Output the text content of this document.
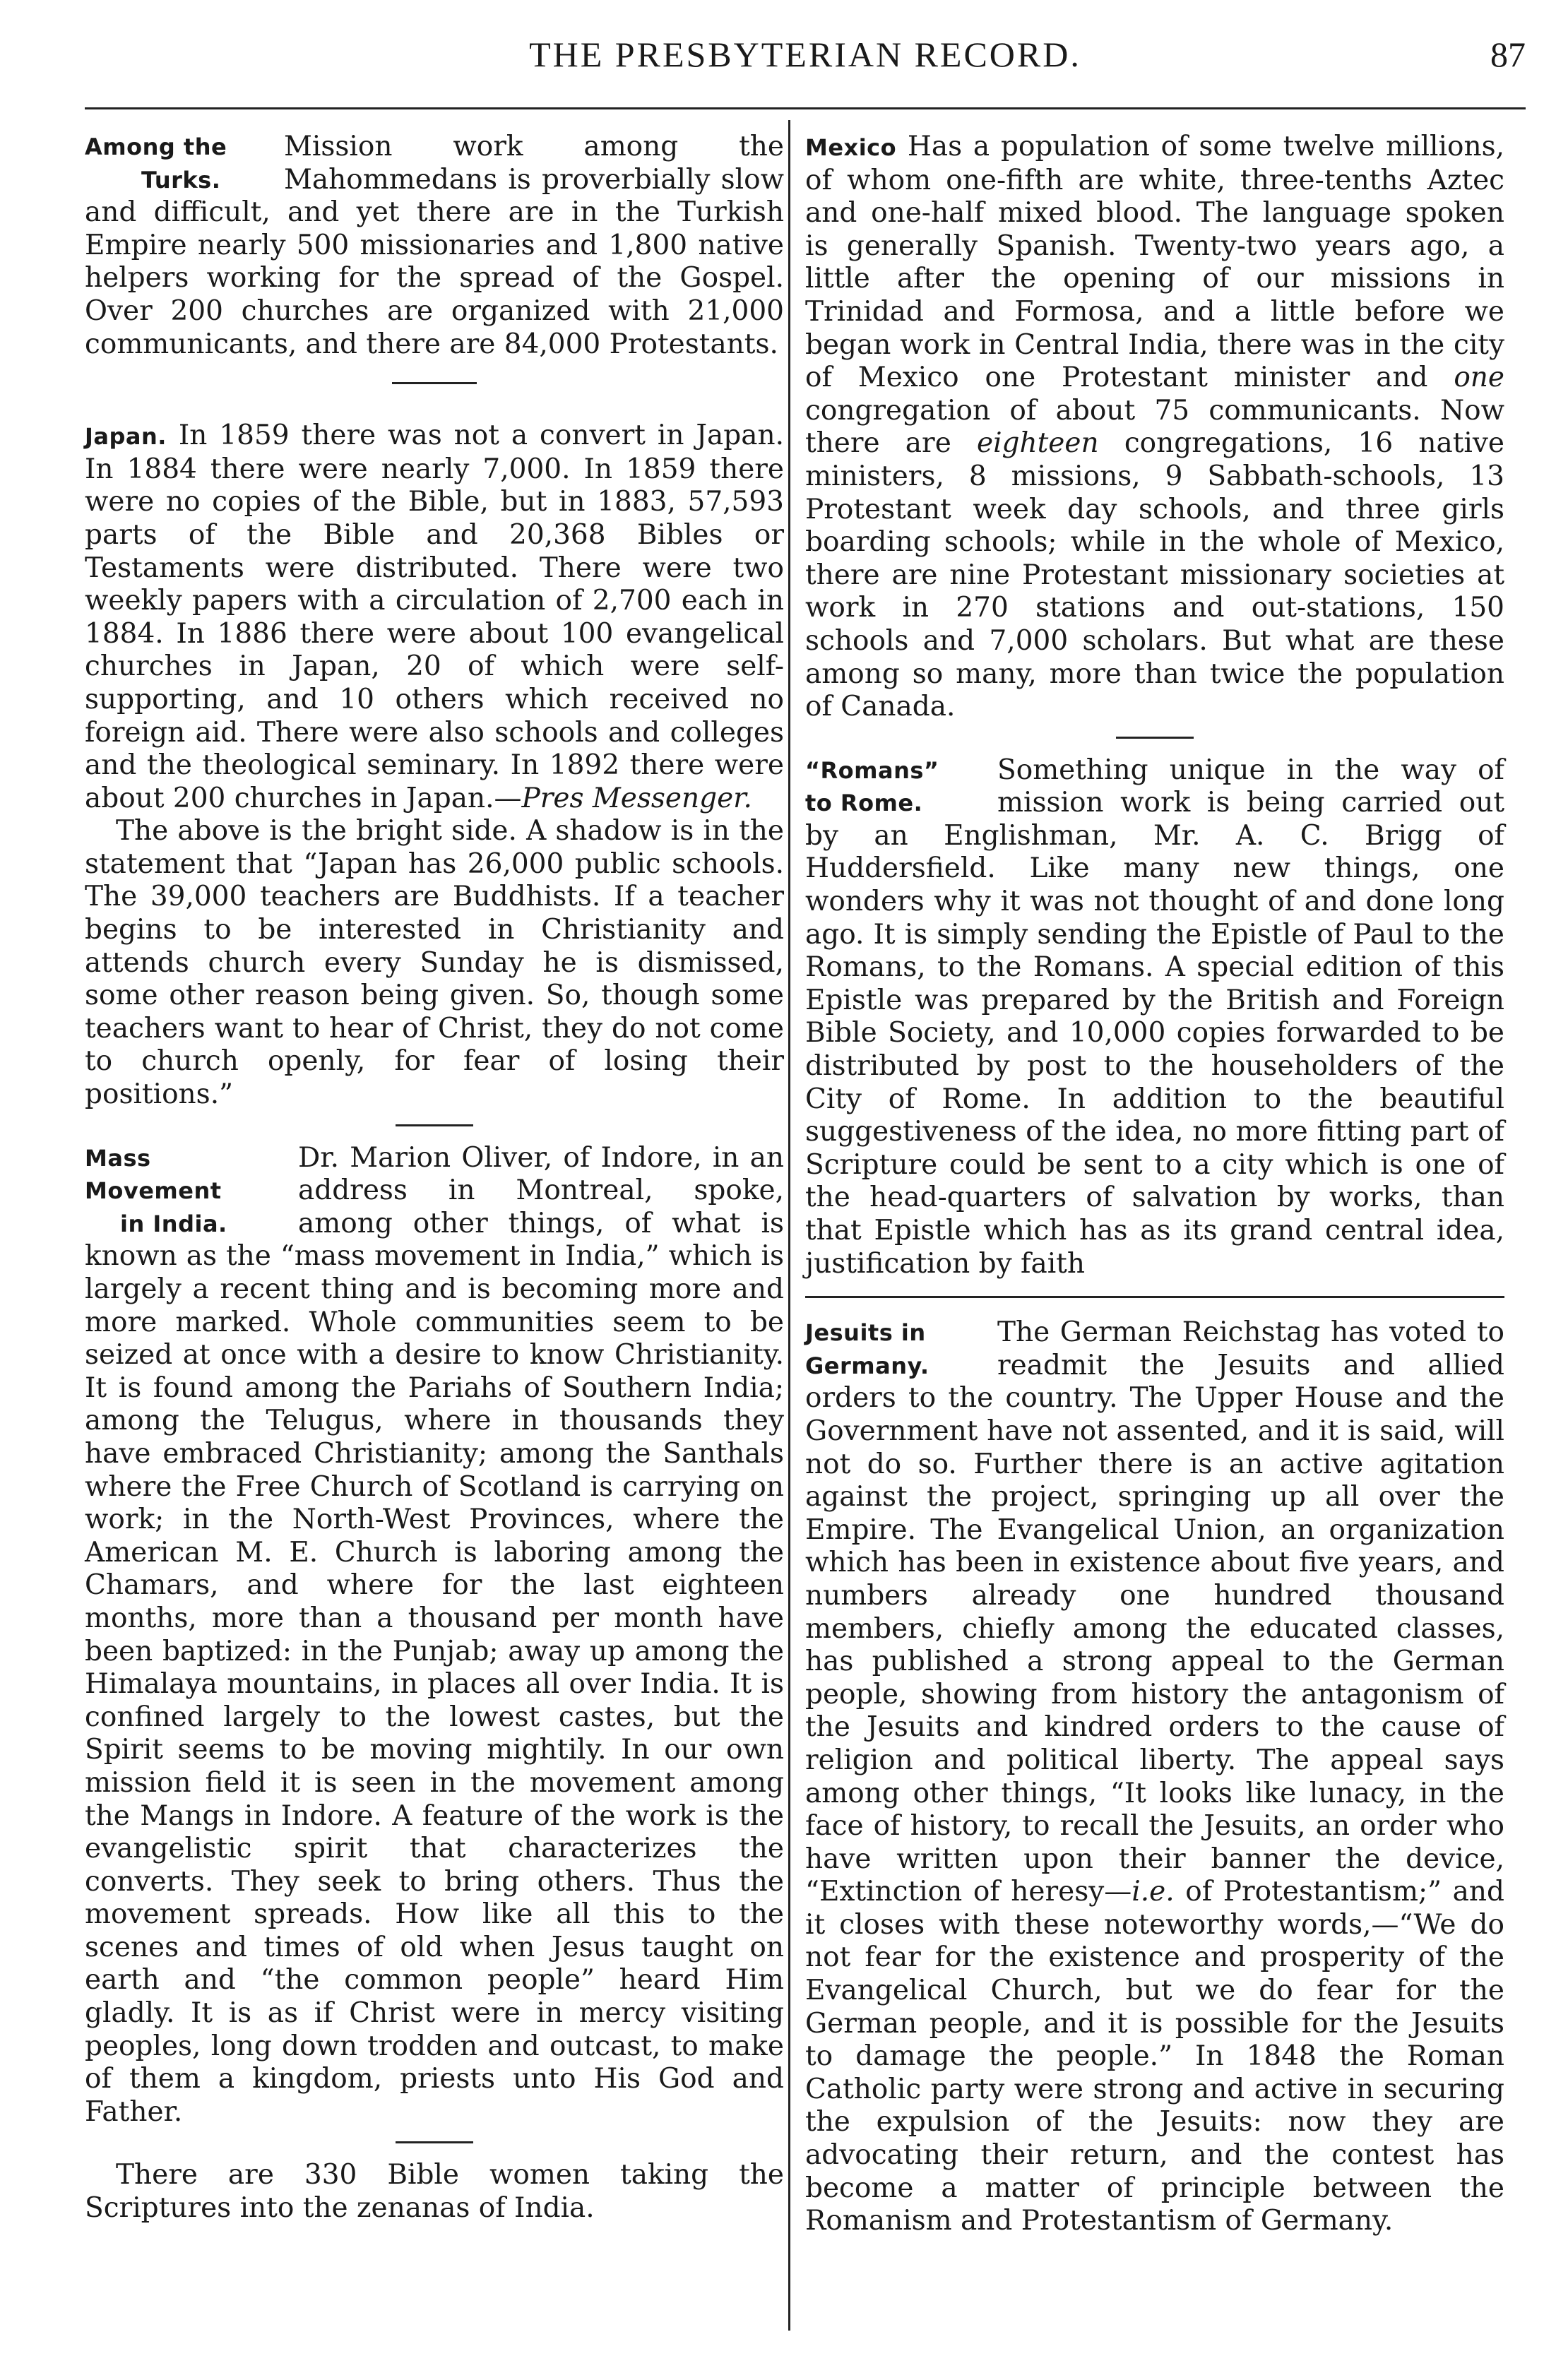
THE PRESBYTERIAN RECORD.	87
Among the
Turks.

Mission work among the Mahommedans is proverbially slow and difficult, and yet there are in the Turkish Empire nearly 500 missionaries and 1,800 native helpers working for the spread of the Gospel. Over 200 churches are organized with 21,000 communicants, and there are 84,000 Protestants.

Japan. In 1859 there was not a convert in Japan. In 1884 there were nearly 7,000. In 1859 there were no copies of the Bible, but in 1883, 57,593 parts of the Bible and 20,368 Bibles or Testaments were distributed. There were two weekly papers with a circulation of 2,700 each in 1884. In 1886 there were about 100 evangelical churches in Japan, 20 of which were self-supporting, and 10 others which received no foreign aid. There were also schools and colleges and the theological seminary. In 1892 there were about 200 churches in Japan.—Pres Messenger.

The above is the bright side. A shadow is in the statement that “Japan has 26,000 public schools. The 39,000 teachers are Buddhists. If a teacher begins to be interested in Christianity and attends church every Sunday he is dismissed, some other reason being given. So, though some teachers want to hear of Christ, they do not come to church openly, for fear of losing their positions.”

Mass Movement
in India.

Dr. Marion Oliver, of Indore, in an address in Montreal, spoke, among other things, of what is known as the “mass movement in India,” which is largely a recent thing and is becoming more and more marked. Whole communities seem to be seized at once with a desire to know Christianity. It is found among the Pariahs of Southern India; among the Telugus, where in thousands they have embraced Christianity; among the Santhals where the Free Church of Scotland is carrying on work; in the North-West Provinces, where the American M. E. Church is laboring among the Chamars, and where for the last eighteen months, more than a thousand per month have been baptized: in the Punjab; away up among the Himalaya mountains, in places all over India. It is confined largely to the lowest castes, but the Spirit seems to be moving mightily. In our own mission field it is seen in the movement among the Mangs in Indore. A feature of the work is the evangelistic spirit that characterizes the converts. They seek to bring others. Thus the movement spreads. How like all this to the scenes and times of old when Jesus taught on earth and “the common people” heard Him gladly. It is as if Christ were in mercy visiting peoples, long down trodden and outcast, to make of them a kingdom, priests unto His God and Father.

There are 330 Bible women taking the Scriptures into the zenanas of India.

Mexico Has a population of some twelve millions, of whom one-fifth are white, three-tenths Aztec and one-half mixed blood. The language spoken is generally Spanish. Twenty-two years ago, a little after the opening of our missions in Trinidad and Formosa, and a little before we began work in Central India, there was in the city of Mexico one Protestant minister and one congregation of about 75 communicants. Now there are eighteen congregations, 16 native ministers, 8 missions, 9 Sabbath-schools, 13 Protestant week day schools, and three girls boarding schools; while in the whole of Mexico, there are nine Protestant missionary societies at work in 270 stations and out-stations, 150 schools and 7,000 scholars. But what are these among so many, more than twice the population of Canada.

“Romans”
to Rome.

Something unique in the way of mission work is being carried out by an Englishman, Mr. A. C. Brigg of Huddersfield. Like many new things, one wonders why it was not thought of and done long ago. It is simply sending the Epistle of Paul to the Romans, to the Romans. A special edition of this Epistle was prepared by the British and Foreign Bible Society, and 10,000 copies forwarded to be distributed by post to the householders of the City of Rome. In addition to the beautiful suggestiveness of the idea, no more fitting part of Scripture could be sent to a city which is one of the head-quarters of salvation by works, than that Epistle which has as its grand central idea, justification by faith

Jesuits in
Germany.

The German Reichstag has voted to readmit the Jesuits and allied orders to the country. The Upper House and the Government have not assented, and it is said, will not do so. Further there is an active agitation against the project, springing up all over the Empire. The Evangelical Union, an organization which has been in existence about five years, and numbers already one hundred thousand members, chiefly among the educated classes, has published a strong appeal to the German people, showing from history the antagonism of the Jesuits and kindred orders to the cause of religion and political liberty. The appeal says among other things, “It looks like lunacy, in the face of history, to recall the Jesuits, an order who have written upon their banner the device, “Extinction of heresy—i.e. of Protestantism;” and it closes with these noteworthy words,—“We do not fear for the existence and prosperity of the Evangelical Church, but we do fear for the German people, and it is possible for the Jesuits to damage the people.” In 1848 the Roman Catholic party were strong and active in securing the expulsion of the Jesuits: now they are advocating their return, and the contest has become a matter of principle between the Romanism and Protestantism of Germany.
